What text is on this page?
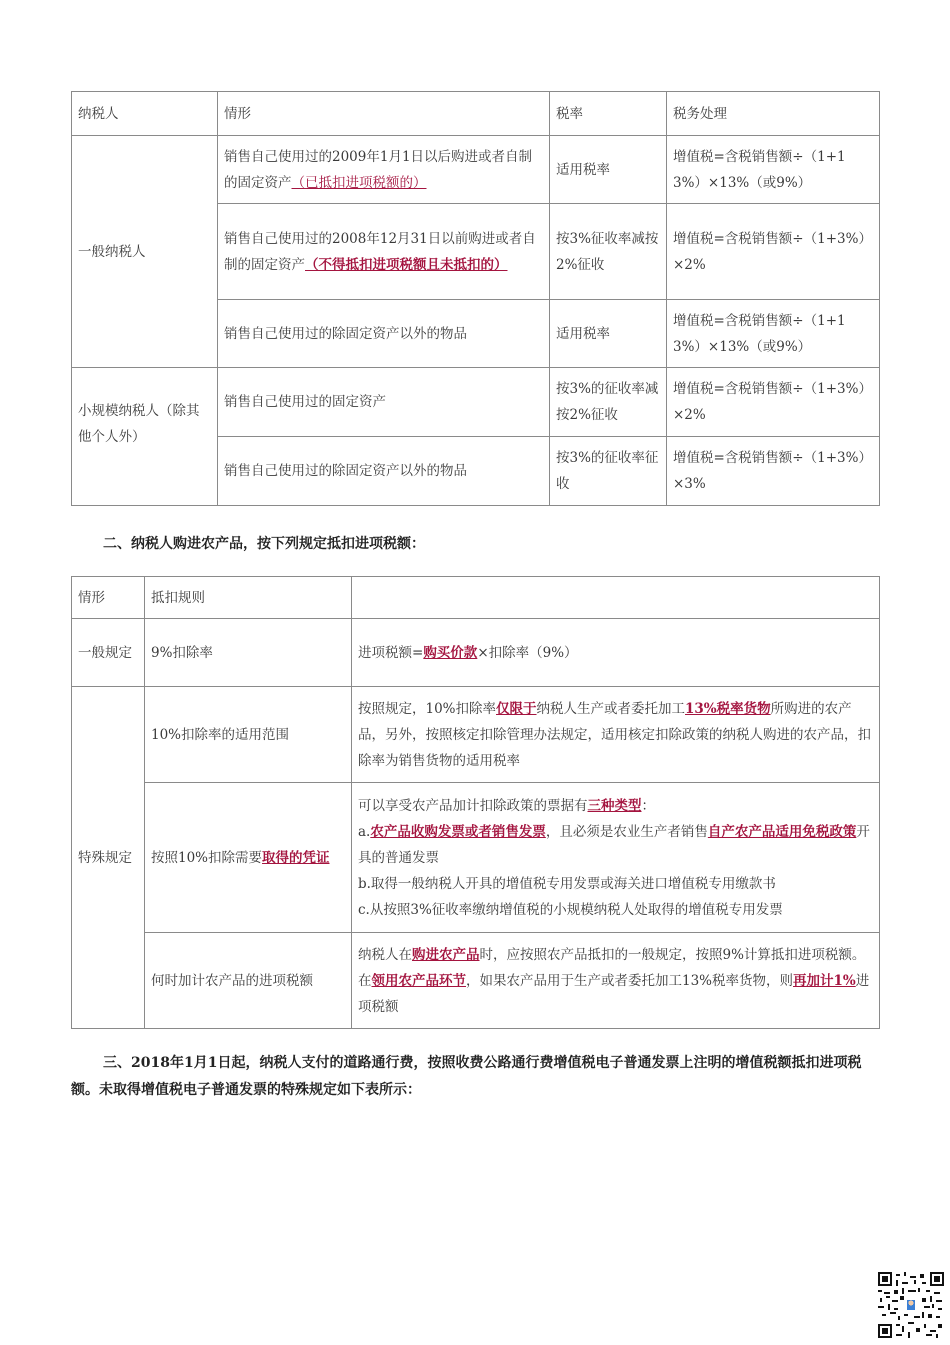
纳税人	情形	税率	税务处理
一般纳税人	销售自己使用过的2009年1月1日以后购进或者自制的固定资产（已抵扣进项税额的）	适用税率	增值税=含税销售额÷（1+13%）×13%（或9%）
	销售自己使用过的2008年12月31日以前购进或者自制的固定资产（不得抵扣进项税额且未抵扣的）	按3%征收率减按2%征收	增值税=含税销售额÷（1+3%）×2%
	销售自己使用过的除固定资产以外的物品	适用税率	增值税=含税销售额÷（1+13%）×13%（或9%）
小规模纳税人（除其他个人外）	销售自己使用过的固定资产	按3%的征收率减按2%征收	增值税=含税销售额÷（1+3%）×2%
	销售自己使用过的除固定资产以外的物品	按3%的征收率征收	增值税=含税销售额÷（1+3%）×3%

二、纳税人购进农产品，按下列规定抵扣进项税额：

情形	抵扣规则	
一般规定	9%扣除率	进项税额=购买价款×扣除率（9%）
特殊规定	10%扣除率的适用范围	按照规定，10%扣除率仅限于纳税人生产或者委托加工13%税率货物所购进的农产品，另外，按照核定扣除管理办法规定，适用核定扣除政策的纳税人购进的农产品，扣除率为销售货物的适用税率
	按照10%扣除需要取得的凭证	可以享受农产品加计扣除政策的票据有三种类型：
a.农产品收购发票或者销售发票，且必须是农业生产者销售自产农产品适用免税政策开具的普通发票
b.取得一般纳税人开具的增值税专用发票或海关进口增值税专用缴款书
c.从按照3%征收率缴纳增值税的小规模纳税人处取得的增值税专用发票

	何时加计农产品的进项税额	纳税人在购进农产品时，应按照农产品抵扣的一般规定，按照9%计算抵扣进项税额。在领用农产品环节，如果农产品用于生产或者委托加工13%税率货物，则再加计1%进项税额

三、2018年1月1日起，纳税人支付的道路通行费，按照收费公路通行费增值税电子普通发票上注明的增值税额抵扣进项税额。未取得增值税电子普通发票的特殊规定如下表所示：
